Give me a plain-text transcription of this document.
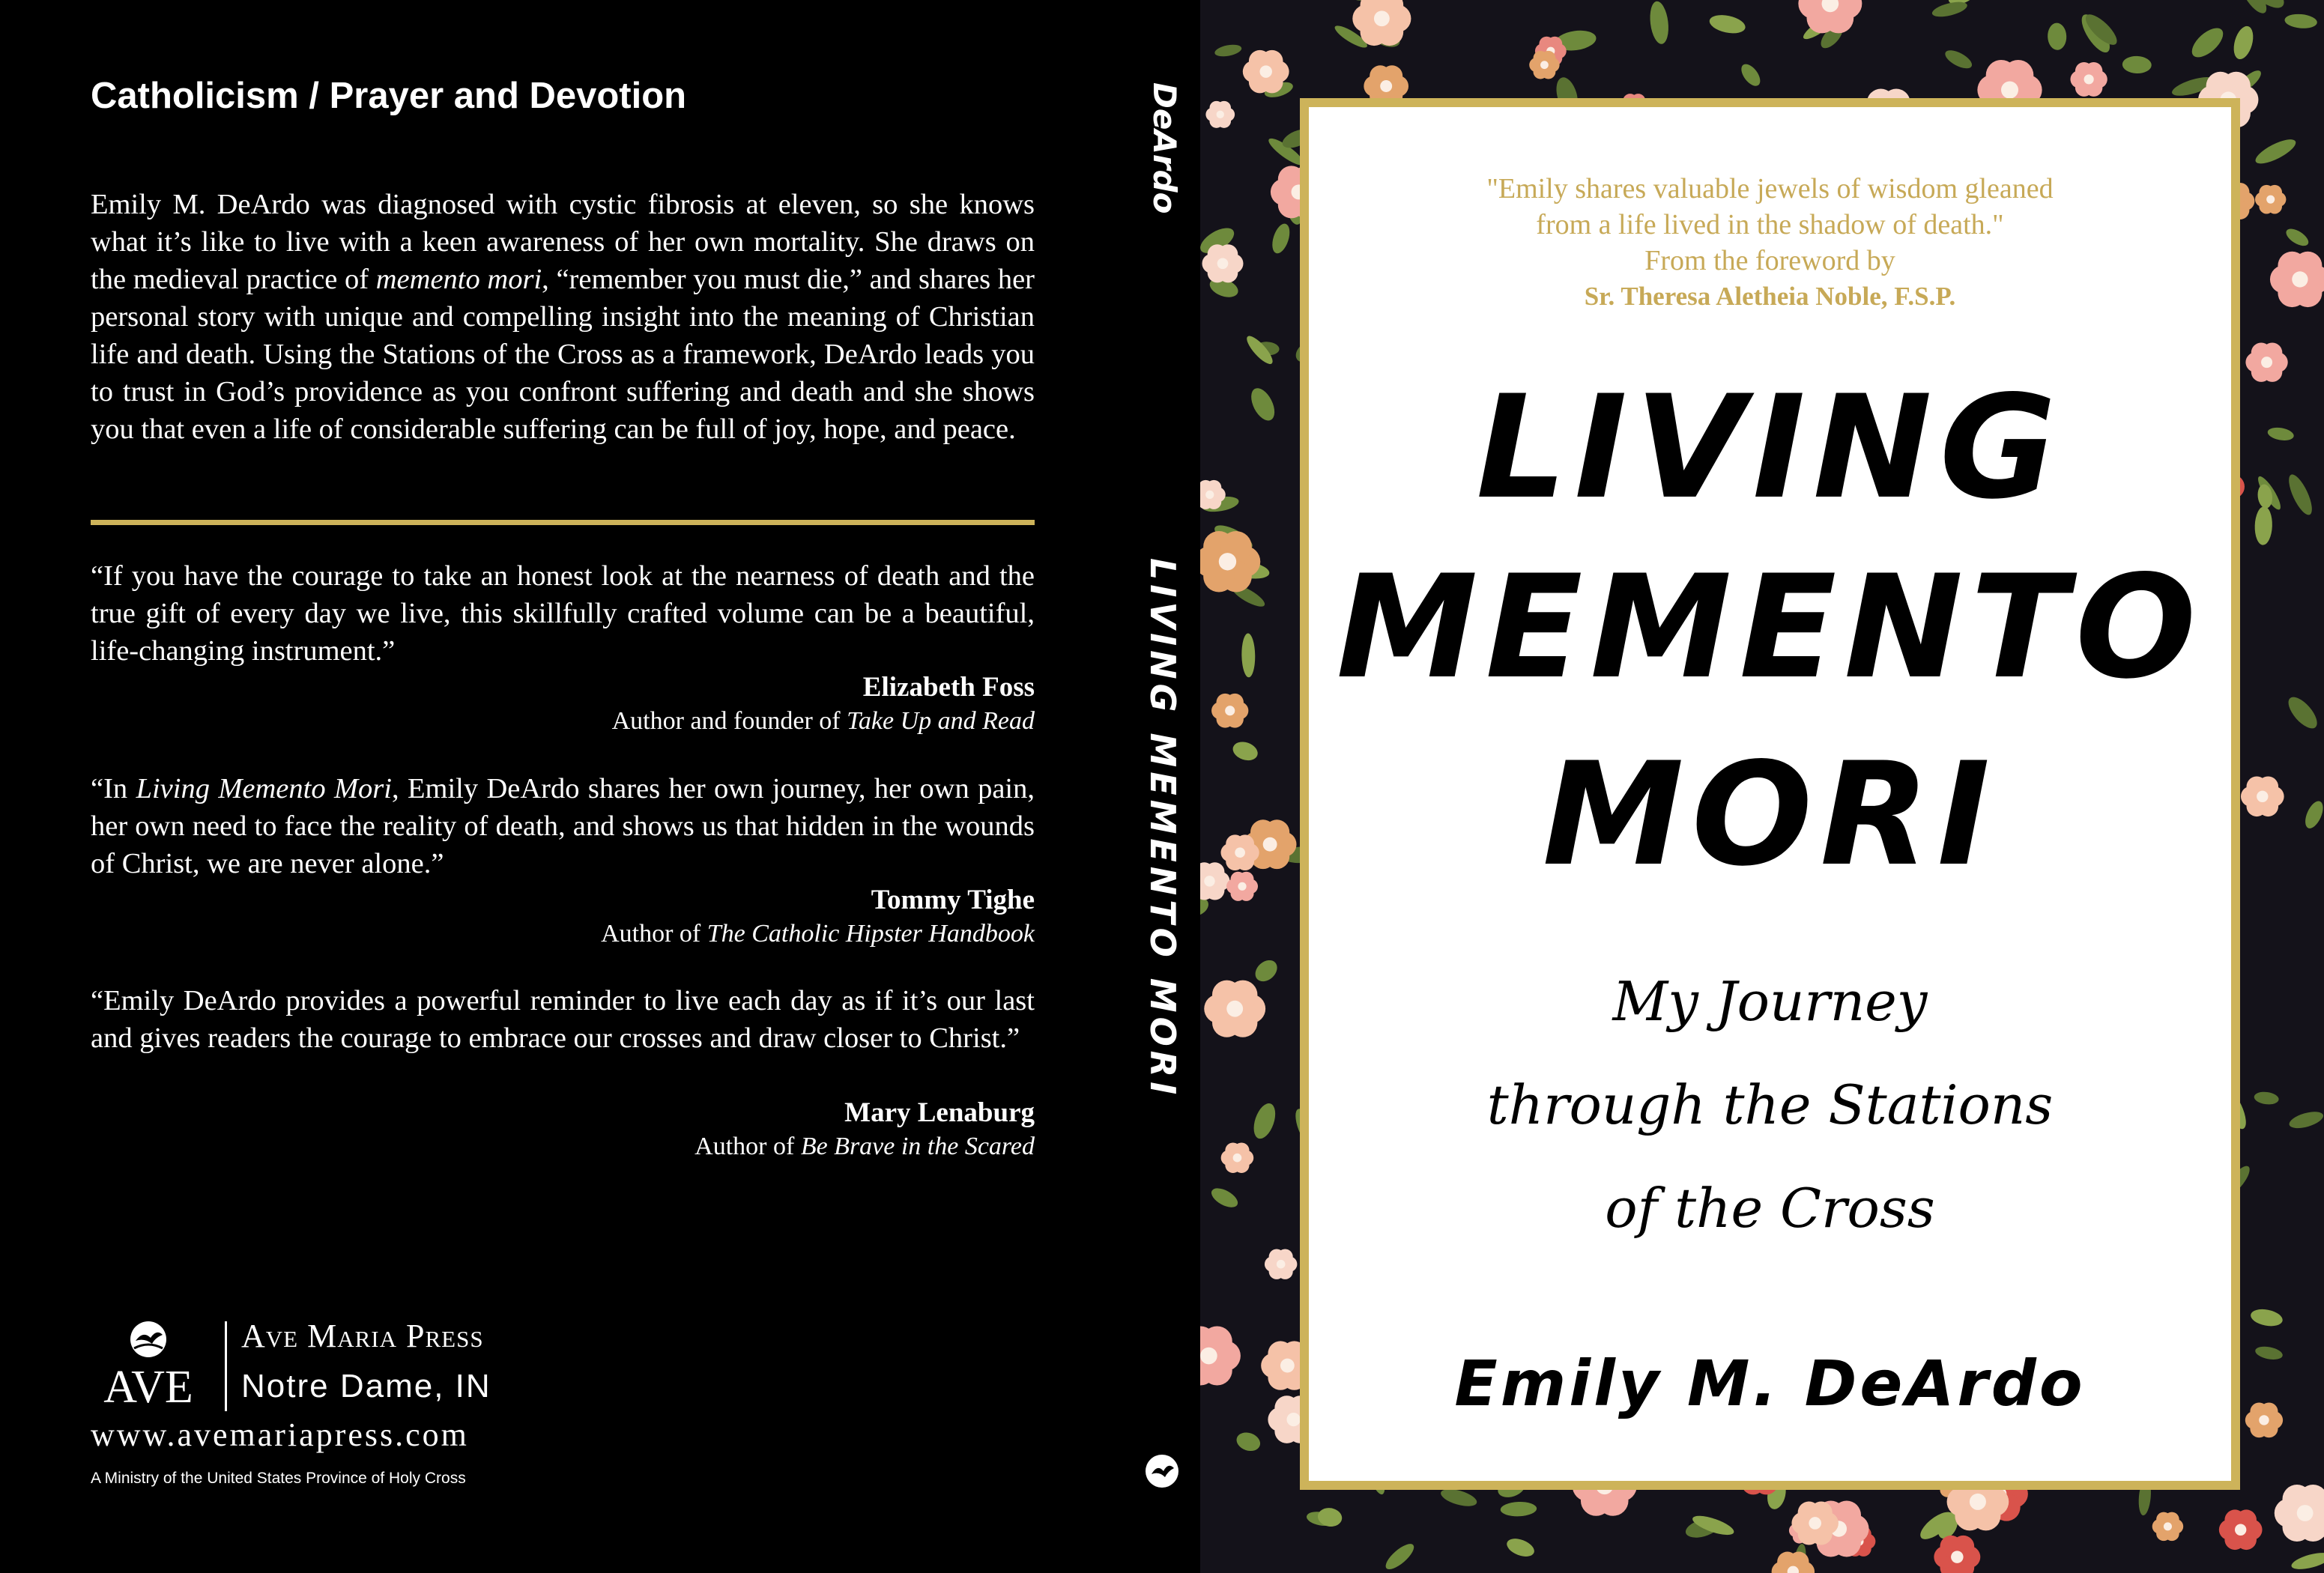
Catholicism / Prayer and Devotion

Emily M. DeArdo was diagnosed with cystic fibrosis at eleven, so she knows what it’s like to live with a keen awareness of her own mortality. She draws on the medieval practice of memento mori, “remember you must die,” and shares her personal story with unique and compelling insight into the meaning of Christian life and death. Using the Stations of the Cross as a framework, DeArdo leads you to trust in God’s providence as you confront suffering and death and she shows you that even a life of considerable suffering can be full of joy, hope, and peace.

“If you have the courage to take an honest look at the nearness of death and the true gift of every day we live, this skillfully crafted volume can be a beautiful, life-changing instrument.”

Elizabeth Foss
Author and founder of Take Up and Read

“In Living Memento Mori, Emily DeArdo shares her own journey, her own pain, her own need to face the reality of death, and shows us that hidden in the wounds of Christ, we are never alone.”

Tommy Tighe
Author of The Catholic Hipster Handbook

“Emily DeArdo provides a powerful reminder to live each day as if it’s our last and gives readers the courage to embrace our crosses and draw closer to Christ.”

Mary Lenaburg
Author of Be Brave in the Scared
AVE
Ave Maria Press
Notre Dame, IN
www.avemariapress.com
A Ministry of the United States Province of Holy Cross
DeArdo
LIVING MEMENTO MORI
"Emily shares valuable jewels of wisdom gleaned
from a life lived in the shadow of death."
From the foreword by
Sr. Theresa Aletheia Noble, F.S.P.
LIVING
MEMENTO
MORI
My Journey
through the Stations
of the Cross
Emily M. DeArdo
